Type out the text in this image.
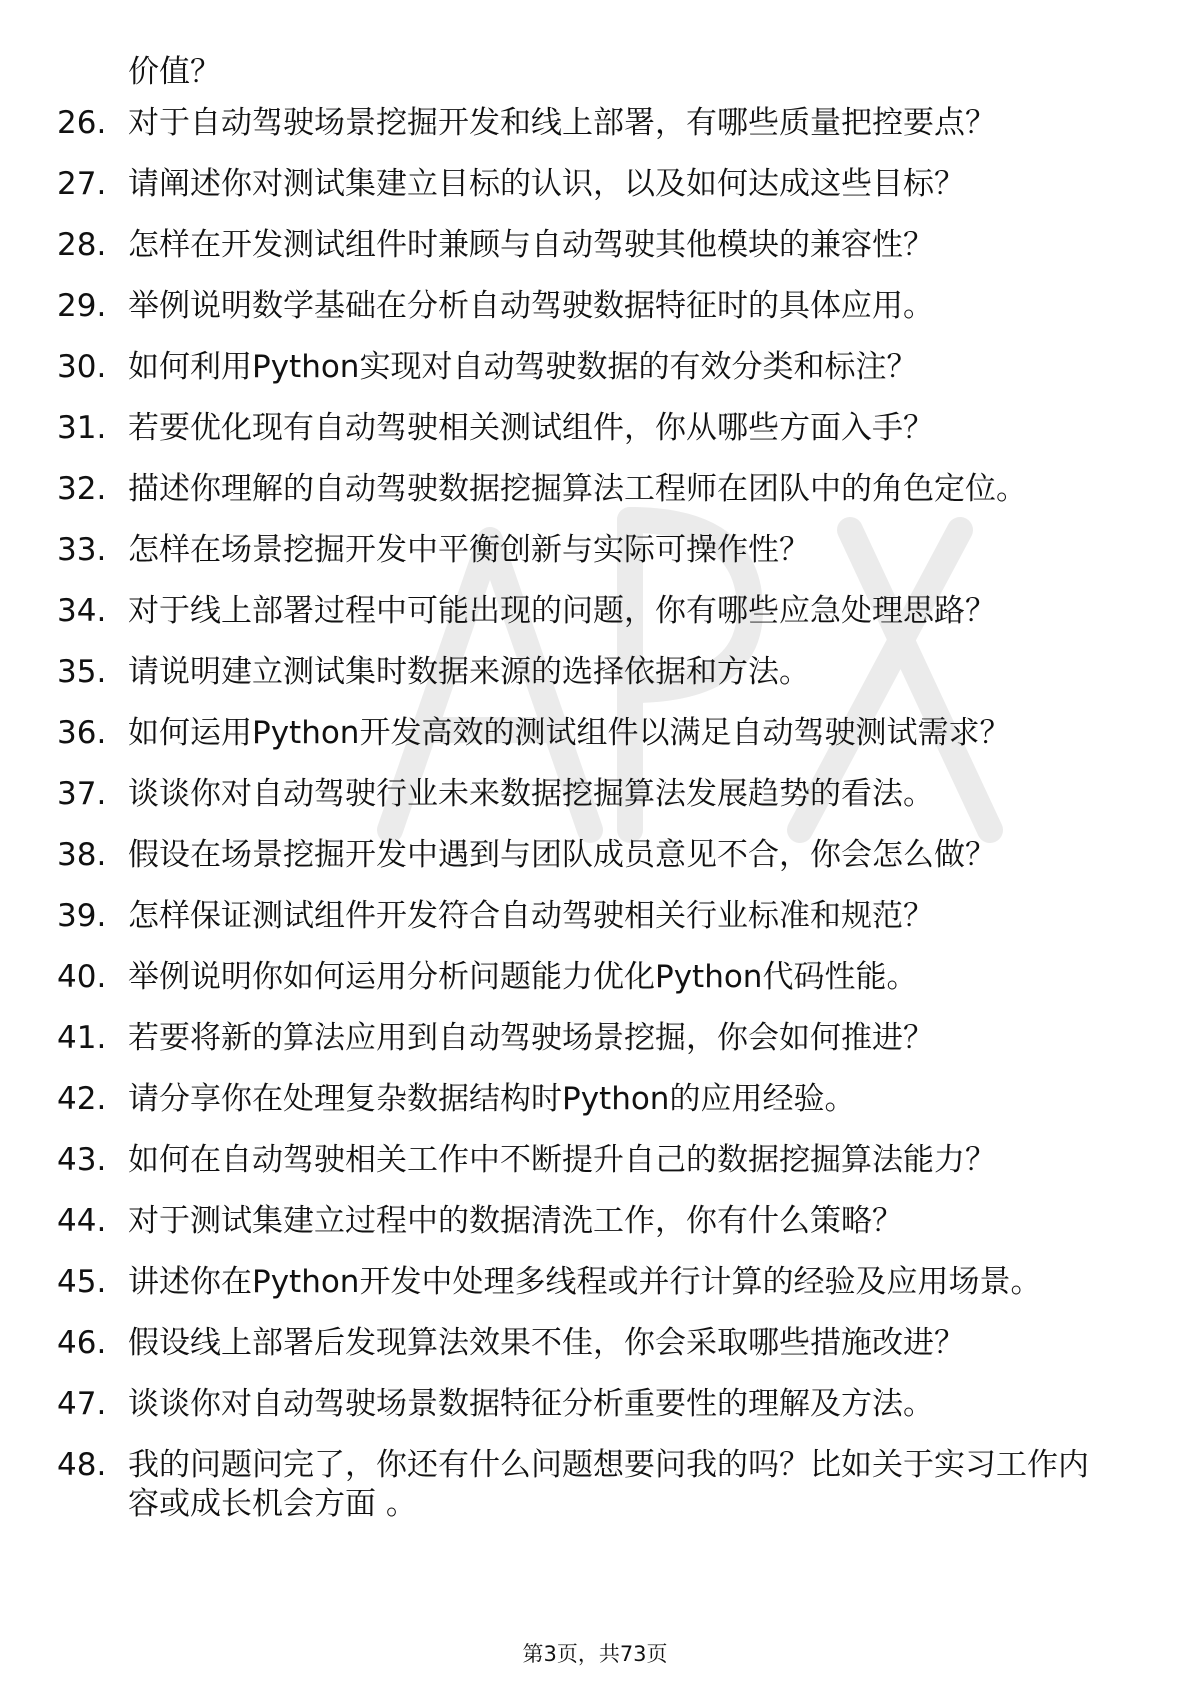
价值？
26. 对于自动驾驶场景挖掘开发和线上部署，有哪些质量把控要点？
27. 请阐述你对测试集建立目标的认识，以及如何达成这些目标？
28. 怎样在开发测试组件时兼顾与自动驾驶其他模块的兼容性？
29. 举例说明数学基础在分析自动驾驶数据特征时的具体应用。
30. 如何利用Python实现对自动驾驶数据的有效分类和标注？
31. 若要优化现有自动驾驶相关测试组件，你从哪些方面入手？
32. 描述你理解的自动驾驶数据挖掘算法工程师在团队中的角色定位。
33. 怎样在场景挖掘开发中平衡创新与实际可操作性？
34. 对于线上部署过程中可能出现的问题，你有哪些应急处理思路？
35. 请说明建立测试集时数据来源的选择依据和方法。
36. 如何运用Python开发高效的测试组件以满足自动驾驶测试需求？
37. 谈谈你对自动驾驶行业未来数据挖掘算法发展趋势的看法。
38. 假设在场景挖掘开发中遇到与团队成员意见不合，你会怎么做？
39. 怎样保证测试组件开发符合自动驾驶相关行业标准和规范？
40. 举例说明你如何运用分析问题能力优化Python代码性能。
41. 若要将新的算法应用到自动驾驶场景挖掘，你会如何推进？
42. 请分享你在处理复杂数据结构时Python的应用经验。
43. 如何在自动驾驶相关工作中不断提升自己的数据挖掘算法能力？
44. 对于测试集建立过程中的数据清洗工作，你有什么策略？
45. 讲述你在Python开发中处理多线程或并行计算的经验及应用场景。
46. 假设线上部署后发现算法效果不佳，你会采取哪些措施改进？
47. 谈谈你对自动驾驶场景数据特征分析重要性的理解及方法。
48. 我的问题问完了，你还有什么问题想要问我的吗？比如关于实习工作内容或成长机会方面 。
第3页，共73页
